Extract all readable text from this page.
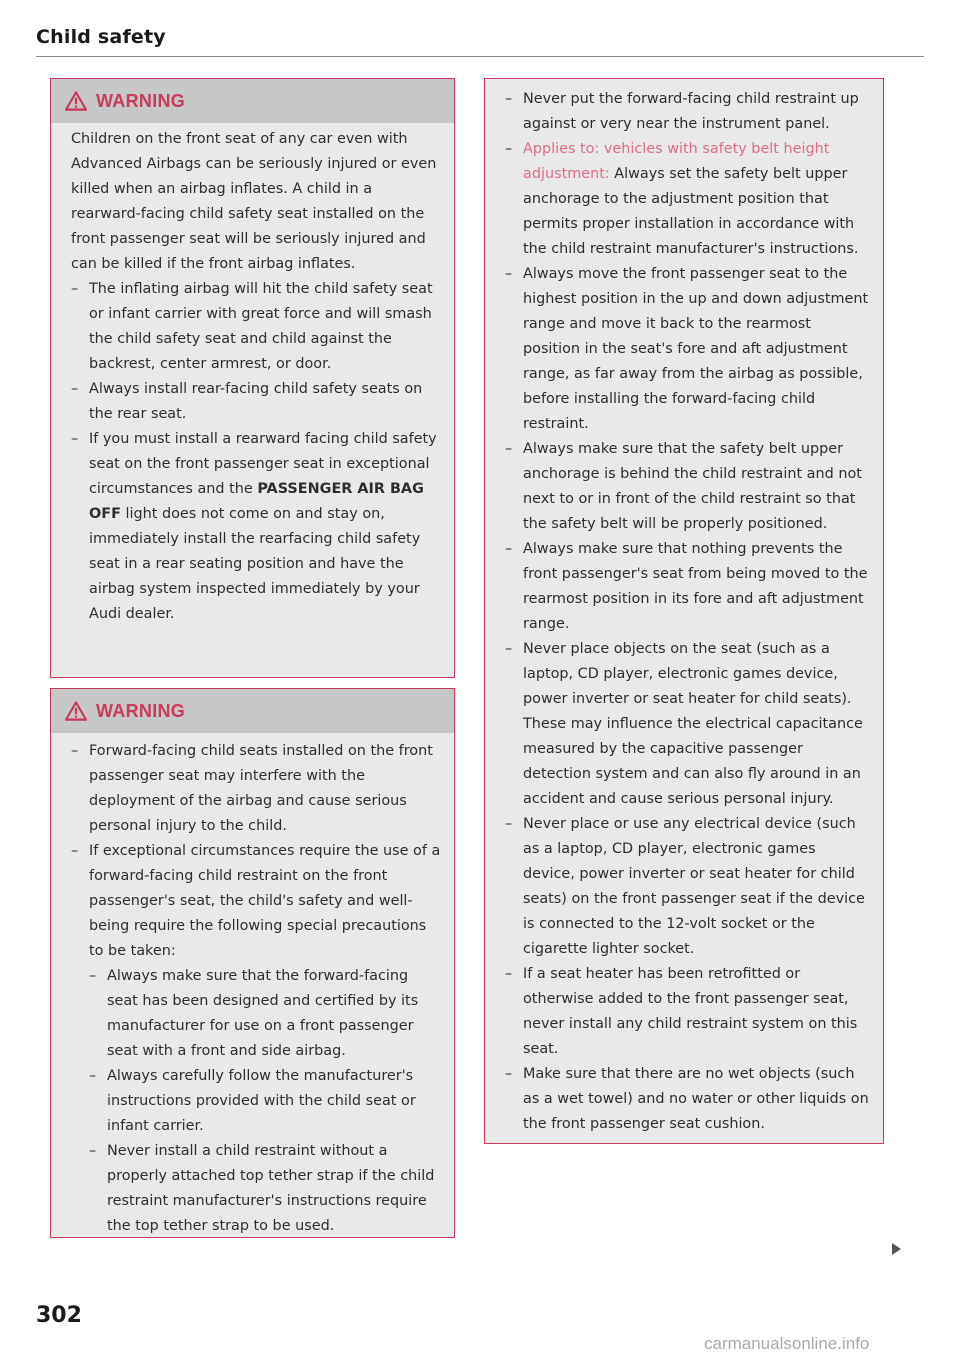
Child safety
WARNING

Children on the front seat of any car even with Advanced Airbags can be seriously injured or even killed when an airbag inflates. A child in a rearward-facing child safety seat installed on the front passenger seat will be seriously injured and can be killed if the front airbag inflates.

– The inflating airbag will hit the child safety seat or infant carrier with great force and will smash the child safety seat and child against the backrest, center armrest, or door.

– Always install rear-facing child safety seats on the rear seat.

– If you must install a rearward facing child safety seat on the front passenger seat in exceptional circumstances and the PASSENGER AIR BAG OFF light does not come on and stay on, immediately install the rearfacing child safety seat in a rear seating position and have the airbag system inspected immediately by your Audi dealer.

WARNING

– Forward-facing child seats installed on the front passenger seat may interfere with the deployment of the airbag and cause serious personal injury to the child.

– If exceptional circumstances require the use of a forward-facing child restraint on the front passenger's seat, the child's safety and well-being require the following special precautions to be taken:

– Always make sure that the forward-facing seat has been designed and certified by its manufacturer for use on a front passenger seat with a front and side airbag.

– Always carefully follow the manufacturer's instructions provided with the child seat or infant carrier.

– Never install a child restraint without a properly attached top tether strap if the child restraint manufacturer's instructions require the top tether strap to be used.

– Never put the forward-facing child restraint up against or very near the instrument panel.

– Applies to: vehicles with safety belt height adjustment: Always set the safety belt upper anchorage to the adjustment position that permits proper installation in accordance with the child restraint manufacturer's instructions.

– Always move the front passenger seat to the highest position in the up and down adjustment range and move it back to the rearmost position in the seat's fore and aft adjustment range, as far away from the airbag as possible, before installing the forward-facing child restraint.

– Always make sure that the safety belt upper anchorage is behind the child restraint and not next to or in front of the child restraint so that the safety belt will be properly positioned.

– Always make sure that nothing prevents the front passenger's seat from being moved to the rearmost position in its fore and aft adjustment range.

– Never place objects on the seat (such as a laptop, CD player, electronic games device, power inverter or seat heater for child seats). These may influence the electrical capacitance measured by the capacitive passenger detection system and can also fly around in an accident and cause serious personal injury.

– Never place or use any electrical device (such as a laptop, CD player, electronic games device, power inverter or seat heater for child seats) on the front passenger seat if the device is connected to the 12-volt socket or the cigarette lighter socket.

– If a seat heater has been retrofitted or otherwise added to the front passenger seat, never install any child restraint system on this seat.

– Make sure that there are no wet objects (such as a wet towel) and no water or other liquids on the front passenger seat cushion.

302
carmanualsonline.info
